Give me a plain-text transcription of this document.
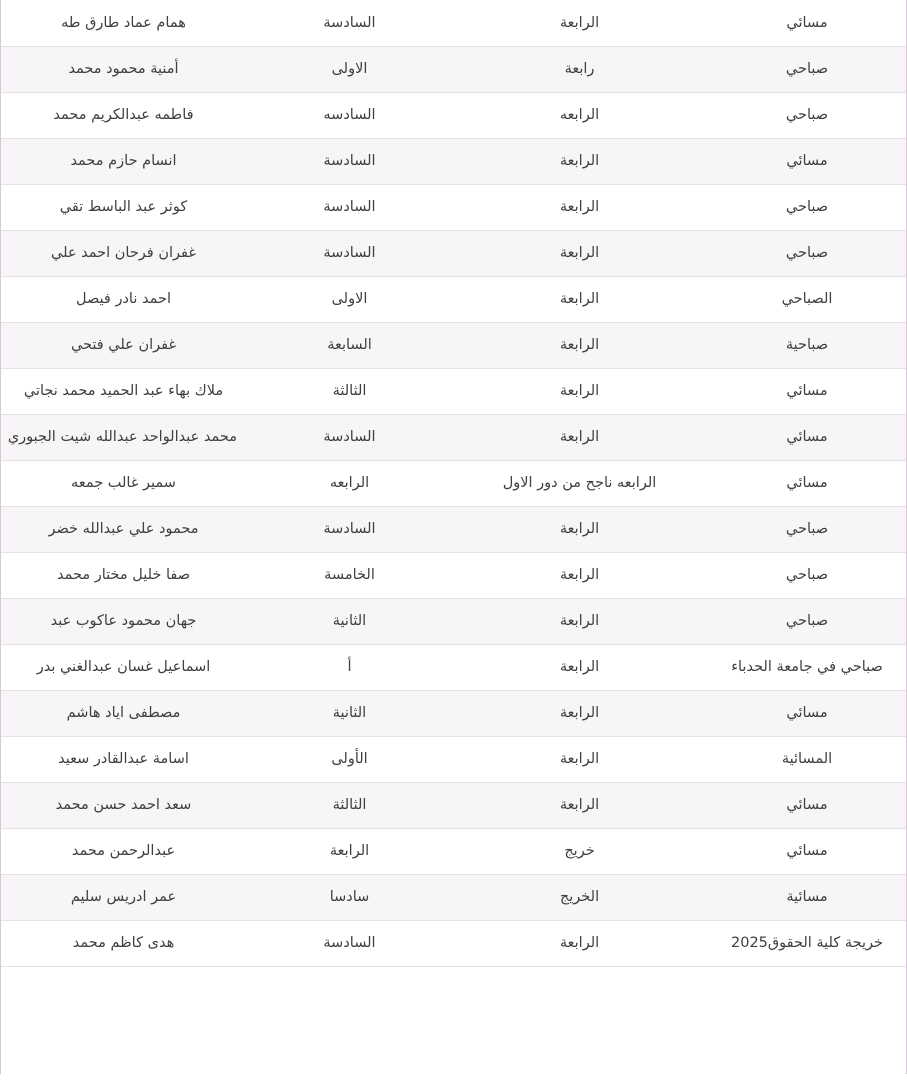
مسائي	الرابعة	السادسة	همام عماد طارق طه
صباحي	رابعة	الاولى	أمنية محمود محمد
صباحي	الرابعه	السادسه	فاطمه عبدالكريم محمد
مسائي	الرابعة	السادسة	انسام حازم محمد
صباحي	الرابعة	السادسة	كوثر عبد الباسط تقي
صباحي	الرابعة	السادسة	غفران فرحان احمد علي
الصباحي	الرابعة	الاولى	احمد نادر فيصل
صباحية	الرابعة	السابعة	غفران علي فتحي
مسائي	الرابعة	الثالثة	ملاك بهاء عبد الحميد محمد نجاتي
مسائي	الرابعة	السادسة	محمد عبدالواحد عبدالله شيت الجبوري
مسائي	الرابعه ناجح من دور الاول	الرابعه	سمير غالب جمعه
صباحي	الرابعة	السادسة	محمود علي عبدالله خضر
صباحي	الرابعة	الخامسة	صفا خليل مختار محمد
صباحي	الرابعة	الثانية	جهان محمود عاكوب عبد
صباحي في جامعة الحدباء	الرابعة	أ	اسماعيل غسان عبدالغني بدر
مسائي	الرابعة	الثانية	مصطفى اياد هاشم
المسائية	الرابعة	الأولى	اسامة عبدالقادر سعيد
مسائي	الرابعة	الثالثة	سعد احمد حسن محمد
مسائي	خريج	الرابعة	عبدالرحمن محمد
مسائية	الخريج	سادسا	عمر ادريس سليم
خريجة كلية الحقوق2025	الرابعة	السادسة	هدى كاظم محمد
